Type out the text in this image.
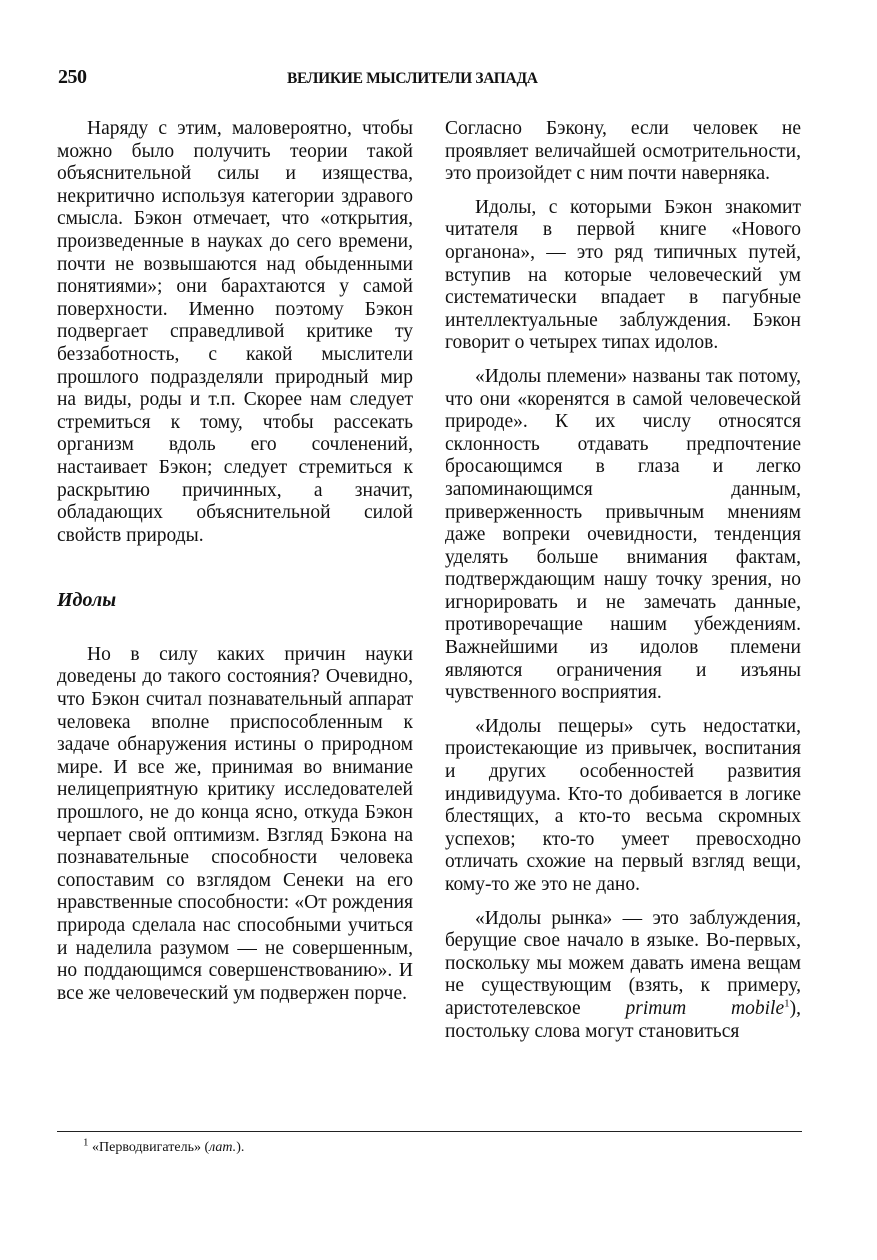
250	ВЕЛИКИЕ МЫСЛИТЕЛИ ЗАПАДА

Наряду с этим, маловероятно, чтобы можно было получить теории такой объяснительной силы и изящества, некритично используя категории здравого смысла. Бэкон отмечает, что «открытия, произведенные в науках до сего времени, почти не возвышаются над обыденными понятиями»; они барахтаются у самой поверхности. Именно поэтому Бэкон подвергает справедливой критике ту беззаботность, с какой мыслители прошлого подразделяли природный мир на виды, роды и т.п. Скорее нам следует стремиться к тому, чтобы рассекать организм вдоль его сочленений, настаивает Бэкон; следует стремиться к раскрытию причинных, а значит, обладающих объяснительной силой свойств природы.

Идолы

Но в силу каких причин науки доведены до такого состояния? Очевидно, что Бэкон считал познавательный аппарат человека вполне приспособленным к задаче обнаружения истины о природном мире. И все же, принимая во внимание нелицеприятную критику исследователей прошлого, не до конца ясно, откуда Бэкон черпает свой оптимизм. Взгляд Бэкона на познавательные способности человека сопоставим со взглядом Сенеки на его нравственные способности: «От рождения природа сделала нас способными учиться и наделила разумом — не совершенным, но поддающимся совершенствованию». И все же человеческий ум подвержен порче.

Согласно Бэкону, если человек не проявляет величайшей осмотрительности, это произойдет с ним почти наверняка.

Идолы, с которыми Бэкон знакомит читателя в первой книге «Нового органона», — это ряд типичных путей, вступив на которые человеческий ум систематически впадает в пагубные интеллектуальные заблуждения. Бэкон говорит о четырех типах идолов.

«Идолы племени» названы так потому, что они «коренятся в самой человеческой природе». К их числу относятся склонность отдавать предпочтение бросающимся в глаза и легко запоминающимся данным, приверженность привычным мнениям даже вопреки очевидности, тенденция уделять больше внимания фактам, подтверждающим нашу точку зрения, но игнорировать и не замечать данные, противоречащие нашим убеждениям. Важнейшими из идолов племени являются ограничения и изъяны чувственного восприятия.

«Идолы пещеры» суть недостатки, проистекающие из привычек, воспитания и других особенностей развития индивидуума. Кто-то добивается в логике блестящих, а кто-то весьма скромных успехов; кто-то умеет превосходно отличать схожие на первый взгляд вещи, кому-то же это не дано.

«Идолы рынка» — это заблуждения, берущие свое начало в языке. Во-первых, поскольку мы можем давать имена вещам не существующим (взять, к примеру, аристотелевское primum mobile$^1$), постольку слова могут становиться

$^1$ «Перводвигатель» (лат.).
